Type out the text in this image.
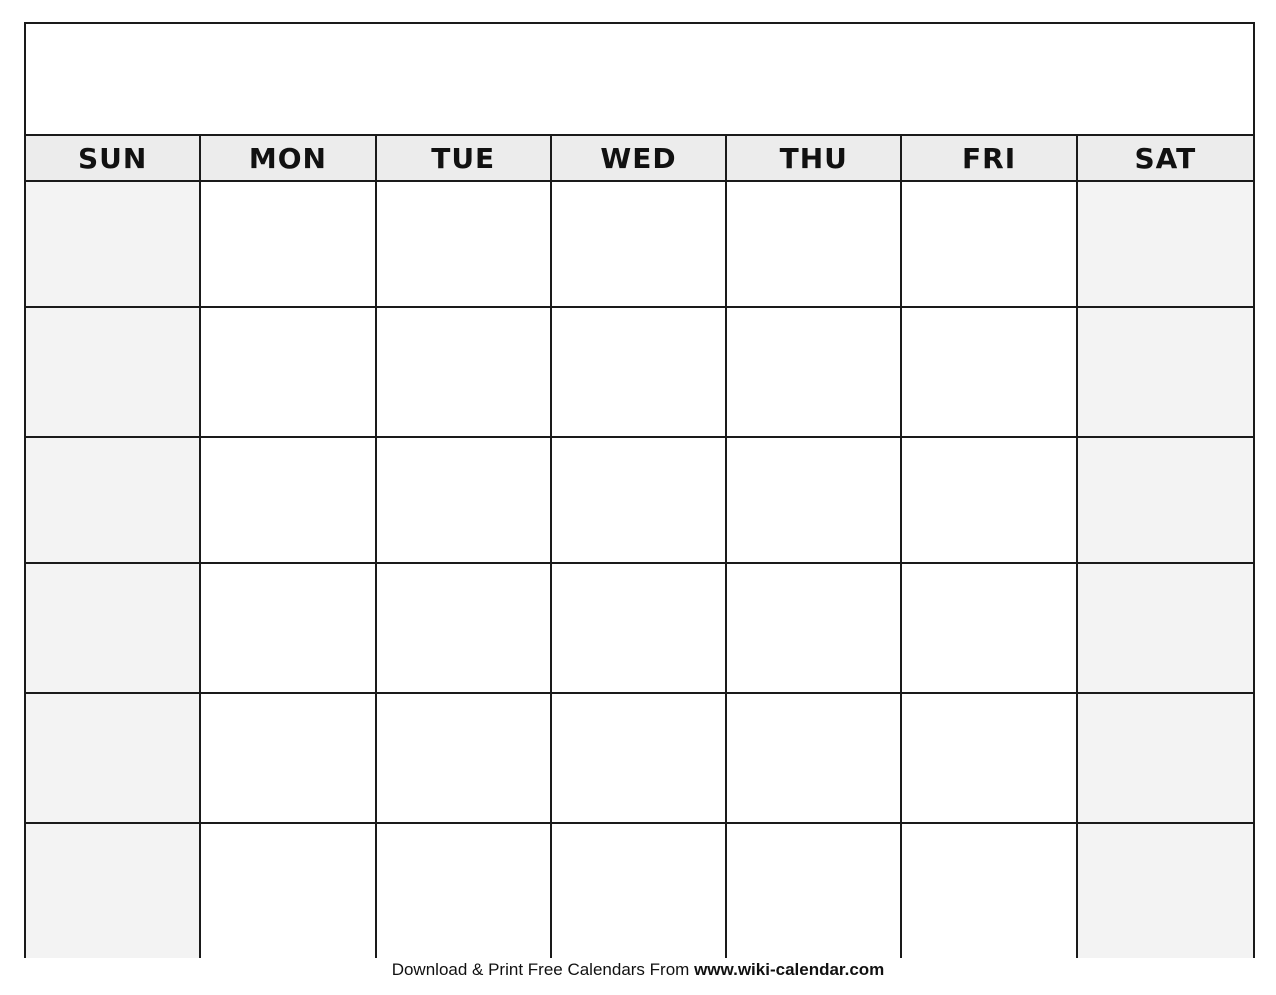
SUN	MON	TUE	WED	THU	FRI	SAT
Download & Print Free Calendars From www.wiki-calendar.com
